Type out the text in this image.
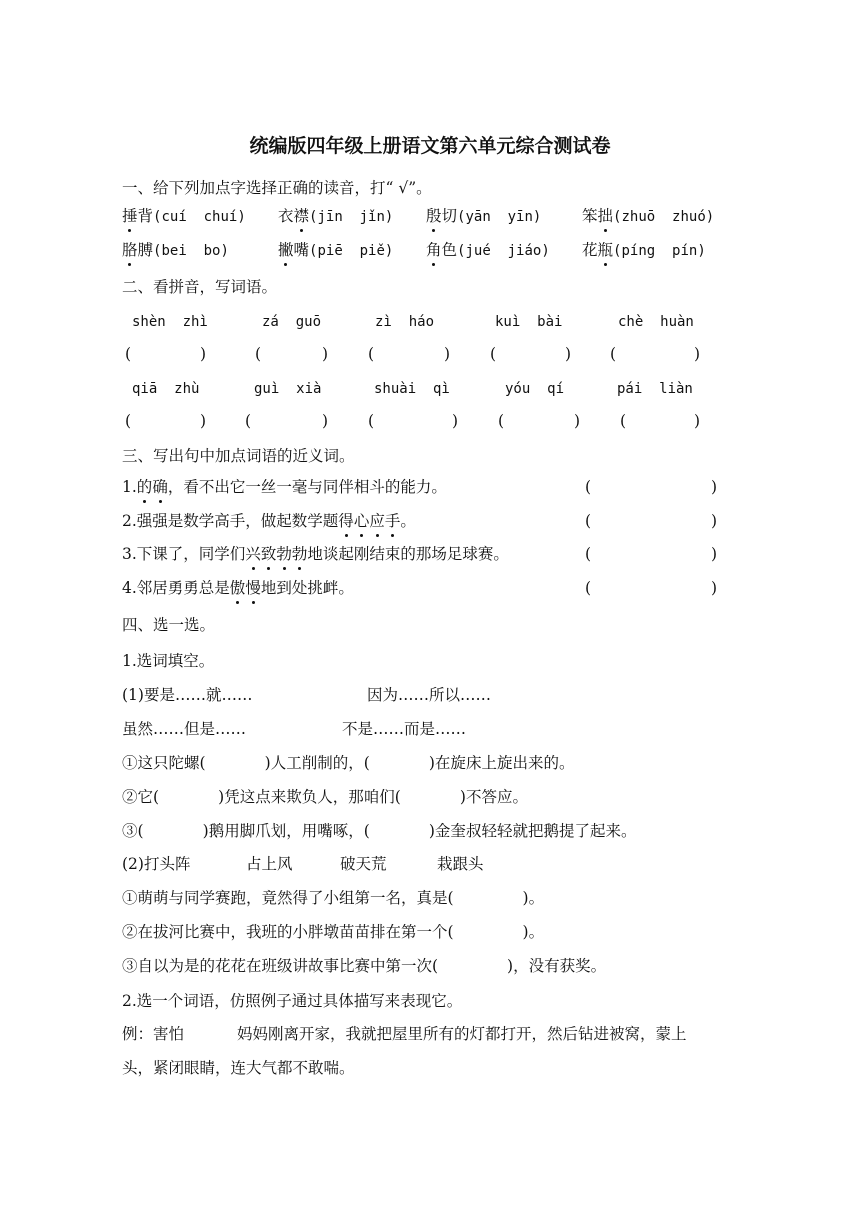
统编版四年级上册语文第六单元综合测试卷
一、给下列加点字选择正确的读音，打“ √”。
捶背(cuí  chuí) 衣襟(jīn  jǐn) 殷切(yān  yīn)	笨拙(zhuō  zhuó)
胳膊(bei  bo)	撇嘴(piē  piě) 角色(jué  jiáo) 花瓶(píng  pín)
二、看拼音，写词语。
shèn  zhì	zá  guō	zì  háo	kuì  bài	chè  huàn
(	)	(	)	(	)	(	)	(	)
qiā  zhù	guì  xià	shuài  qì	yóu  qí	pái  liàn
(	)	(	)	(	)	(	)	(	)
三、写出句中加点词语的近义词。
1.的确，看不出它一丝一毫与同伴相斗的能力。	(	)
2.强强是数学高手，做起数学题得心应手。	(	)
3.下课了，同学们兴致勃勃地谈起刚结束的那场足球赛。	(	)
4.邻居勇勇总是傲慢地到处挑衅。	(	)
四、选一选。
1.选词填空。
(1)要是……就……	因为……所以……
虽然……但是……	不是……而是……
①这只陀螺(            )人工削制的，(            )在旋床上旋出来的。
②它(            )凭这点来欺负人，那咱们(            )不答应。
③(            )鹅用脚爪划，用嘴啄，(            )金奎叔轻轻就把鹅提了起来。
(2)打头阵	占上风	破天荒	栽跟头
①萌萌与同学赛跑，竟然得了小组第一名，真是(              )。
②在拔河比赛中，我班的小胖墩苗苗排在第一个(              )。
③自以为是的花花在班级讲故事比赛中第一次(              )，没有获奖。
2.选一个词语，仿照例子通过具体描写来表现它。
例：害怕	妈妈刚离开家，我就把屋里所有的灯都打开，然后钻进被窝，蒙上
头，紧闭眼睛，连大气都不敢喘。
